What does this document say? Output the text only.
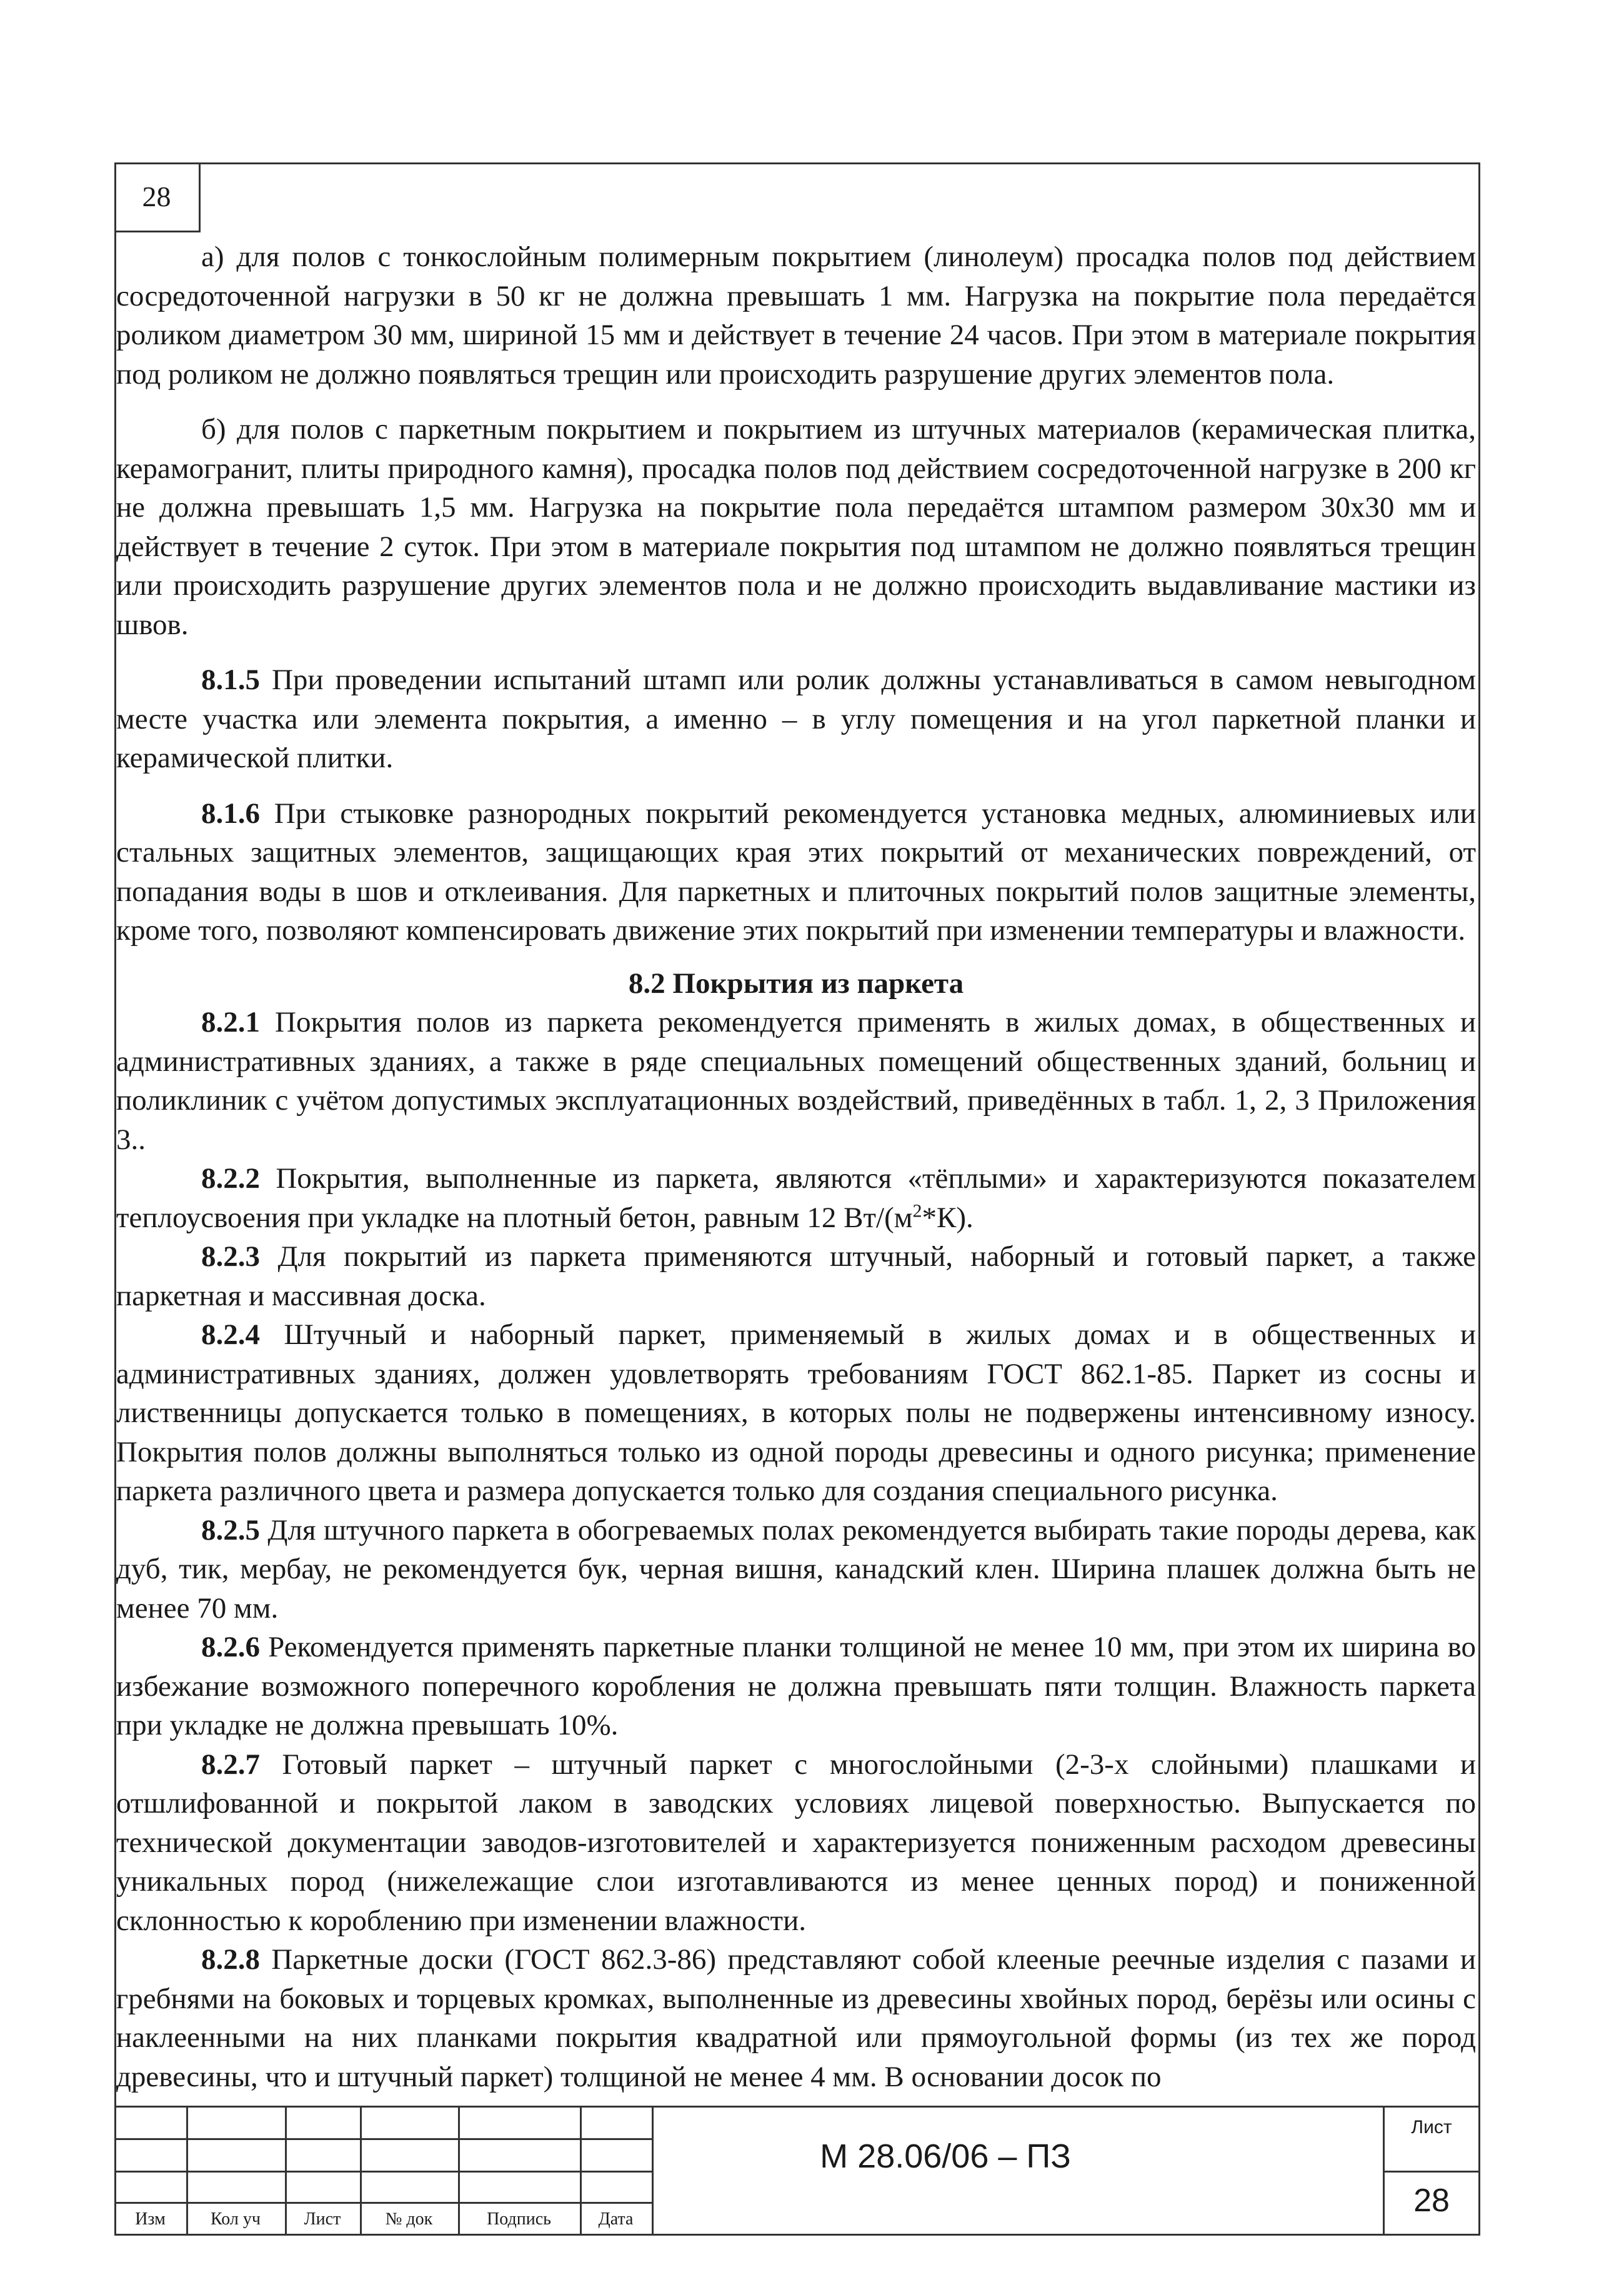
28

а) для полов с тонкослойным полимерным покрытием (линолеум) просадка полов под действием сосредоточенной нагрузки в 50 кг не должна превышать 1 мм. Нагрузка на покрытие пола передаётся роликом диаметром 30 мм, шириной 15 мм и действует в течение 24 часов. При этом в материале покрытия под роликом не должно появляться трещин или происходить разрушение других элементов пола.

б) для полов с паркетным покрытием и покрытием из штучных материалов (керамическая плитка, керамогранит, плиты природного камня), просадка полов под действием сосредоточенной нагрузке в 200 кг не должна превышать 1,5 мм. Нагрузка на покрытие пола передаётся штампом размером 30х30 мм и действует в течение 2 суток. При этом в материале покрытия под штампом не должно появляться трещин или происходить разрушение других элементов пола и не должно происходить выдавливание мастики из швов.

8.1.5 При проведении испытаний штамп или ролик должны устанавливаться в самом невыгодном месте участка или элемента покрытия, а именно – в углу помещения и на угол паркетной планки и керамической плитки.

8.1.6 При стыковке разнородных покрытий рекомендуется установка медных, алюминиевых или стальных защитных элементов, защищающих края этих покрытий от механических повреждений, от попадания воды в шов и отклеивания. Для паркетных и плиточных покрытий полов защитные элементы, кроме того, позволяют компенсировать движение этих покрытий при изменении температуры и влажности.

8.2 Покрытия из паркета

8.2.1 Покрытия полов из паркета рекомендуется применять в жилых домах, в общественных и административных зданиях, а также в ряде специальных помещений общественных зданий, больниц и поликлиник с учётом допустимых эксплуатационных воздействий, приведённых в табл. 1, 2, 3 Приложения 3..

8.2.2 Покрытия, выполненные из паркета, являются «тёплыми» и характеризуются показателем теплоусвоения при укладке на плотный бетон, равным 12 $Вт/(м^2*К)$.

8.2.3 Для покрытий из паркета применяются штучный, наборный и готовый паркет, а также паркетная и массивная доска.

8.2.4 Штучный и наборный паркет, применяемый в жилых домах и в общественных и административных зданиях, должен удовлетворять требованиям ГОСТ 862.1-85. Паркет из сосны и лиственницы допускается только в помещениях, в которых полы не подвержены интенсивному износу. Покрытия полов должны выполняться только из одной породы древесины и одного рисунка; применение паркета различного цвета и размера допускается только для создания специального рисунка.

8.2.5 Для штучного паркета в обогреваемых полах рекомендуется выбирать такие породы дерева, как дуб, тик, мербау, не рекомендуется бук, черная вишня, канадский клен. Ширина плашек должна быть не менее 70 мм.

8.2.6 Рекомендуется применять паркетные планки толщиной не менее 10 мм, при этом их ширина во избежание возможного поперечного коробления не должна превышать пяти толщин. Влажность паркета при укладке не должна превышать 10%.

8.2.7 Готовый паркет – штучный паркет с многослойными (2-3-х слойными) плашками и отшлифованной и покрытой лаком в заводских условиях лицевой поверхностью. Выпускается по технической документации заводов-изготовителей и характеризуется пониженным расходом древесины уникальных пород (нижележащие слои изготавливаются из менее ценных пород) и пониженной склонностью к короблению при изменении влажности.

8.2.8 Паркетные доски (ГОСТ 862.3-86) представляют собой клееные реечные изделия с пазами и гребнями на боковых и торцевых кромках, выполненные из древесины хвойных пород, берёзы или осины с наклеенными на них планками покрытия квадратной или прямоугольной формы (из тех же пород древесины, что и штучный паркет) толщиной не менее 4 мм. В основании досок по

Изм	Кол уч	Лист	№ док	Подпись	Дата
М 28.06/06 – ПЗ
Лист
28
